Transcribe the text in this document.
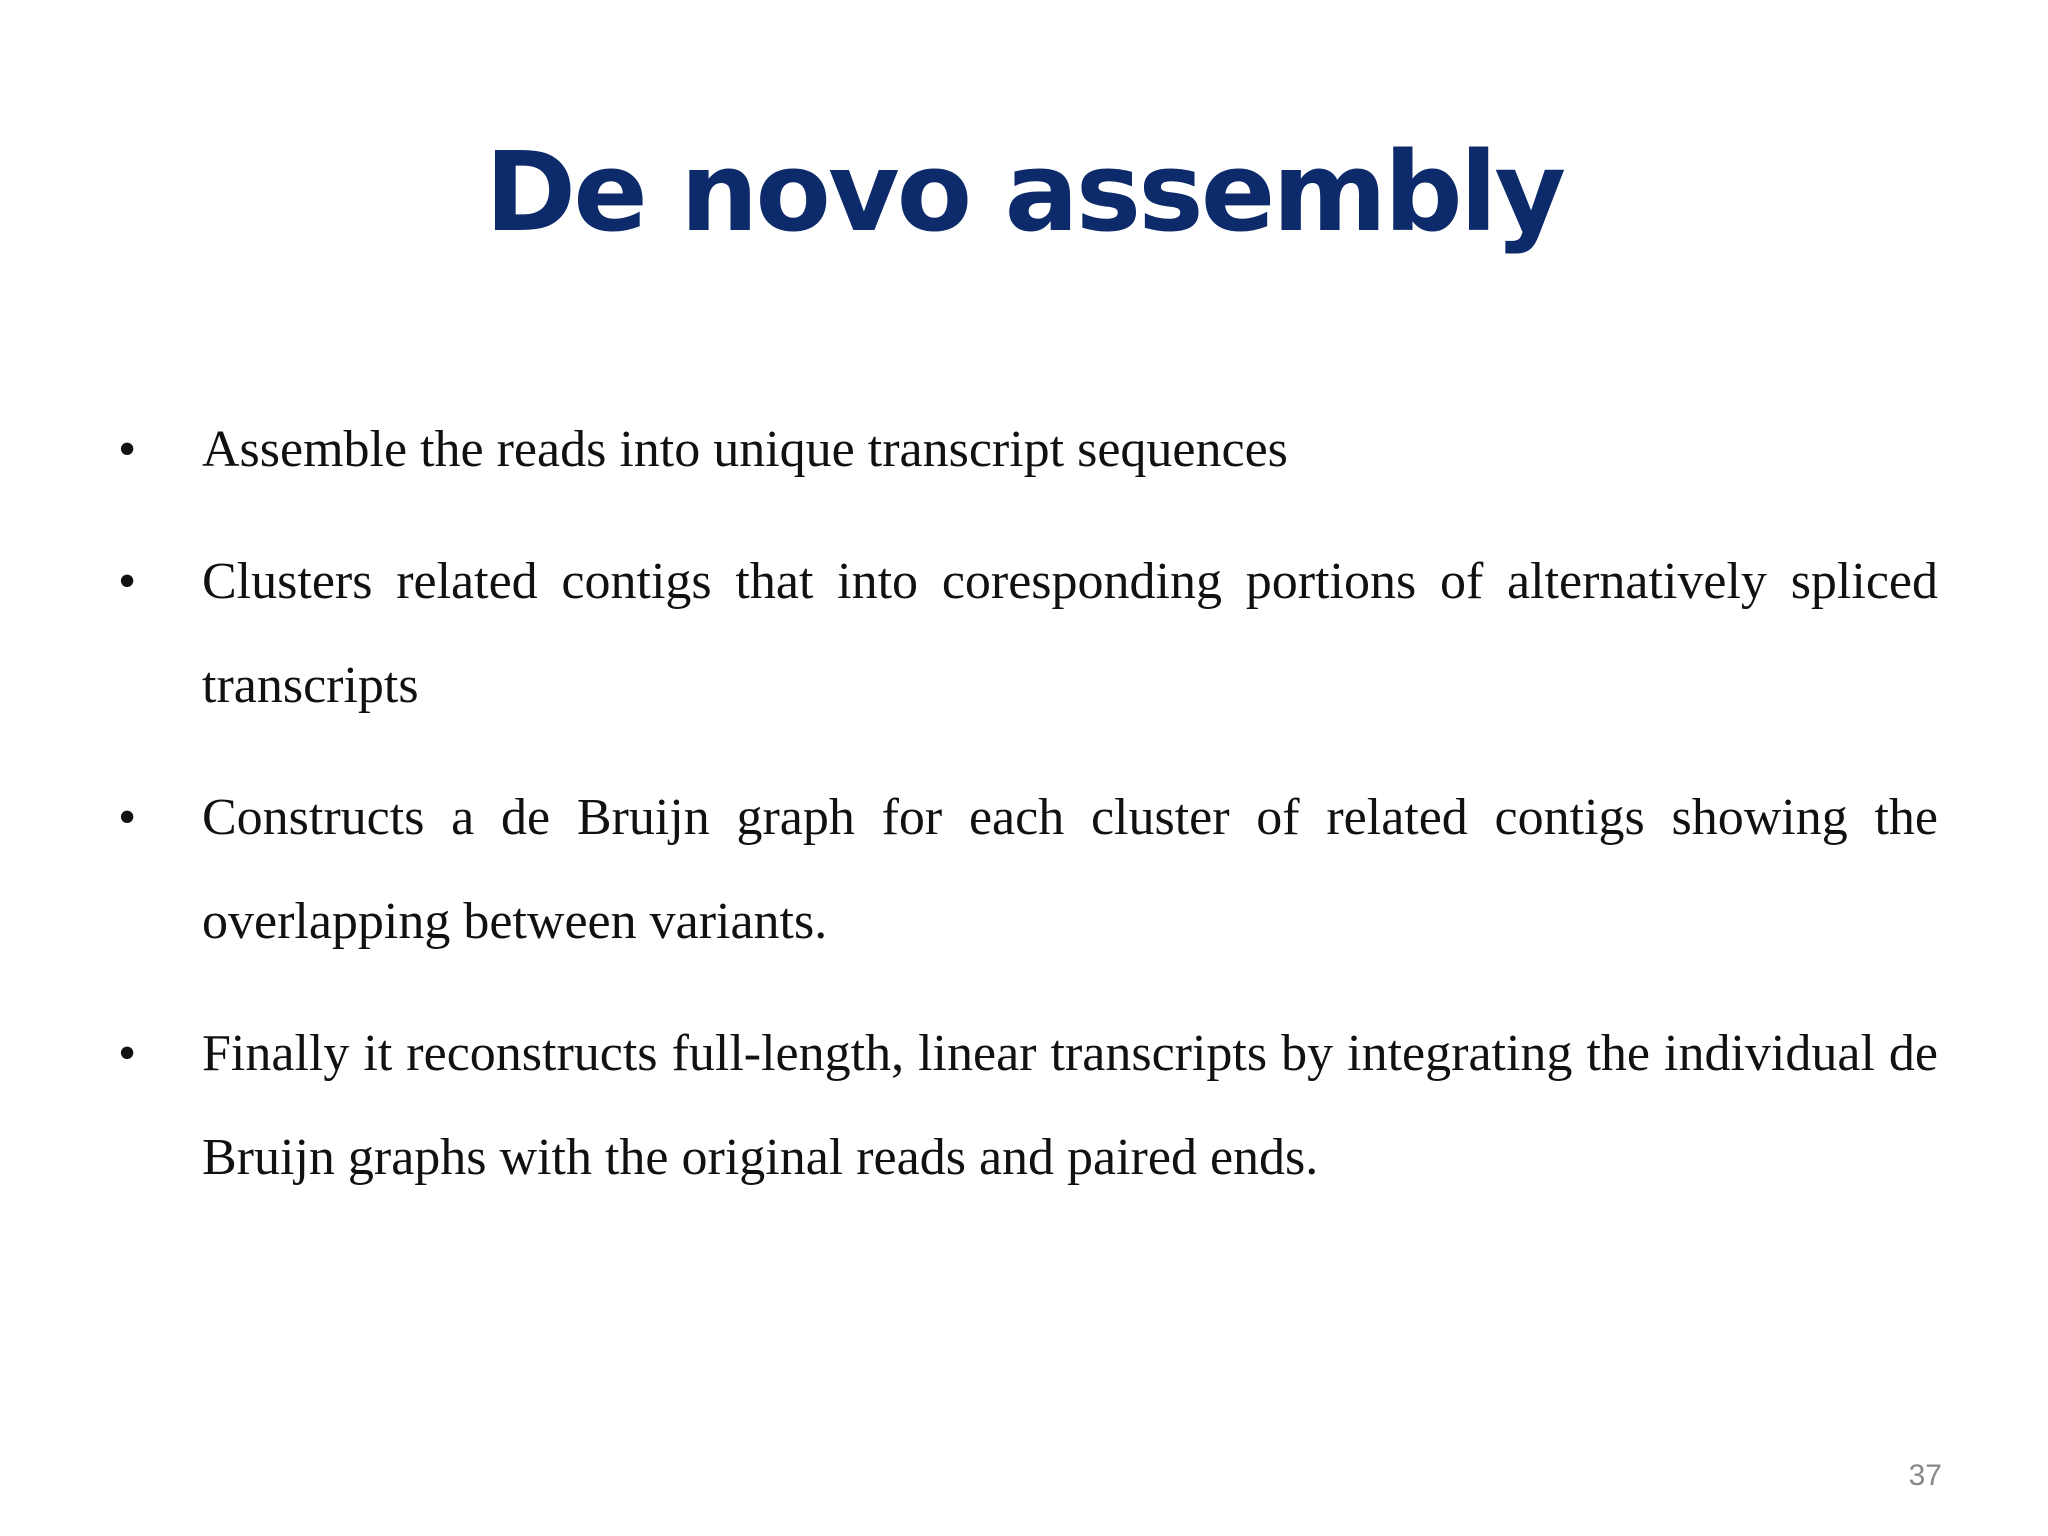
De novo assembly
•	Assemble the reads into unique transcript sequences
•	Clusters related contigs that into coresponding portions of alternatively spliced transcripts
•	Constructs a de Bruijn graph for each cluster of related contigs showing the overlapping between variants.
•	Finally it reconstructs full-length, linear transcripts by integrating the individual de Bruijn graphs with the original reads and paired ends.
37
